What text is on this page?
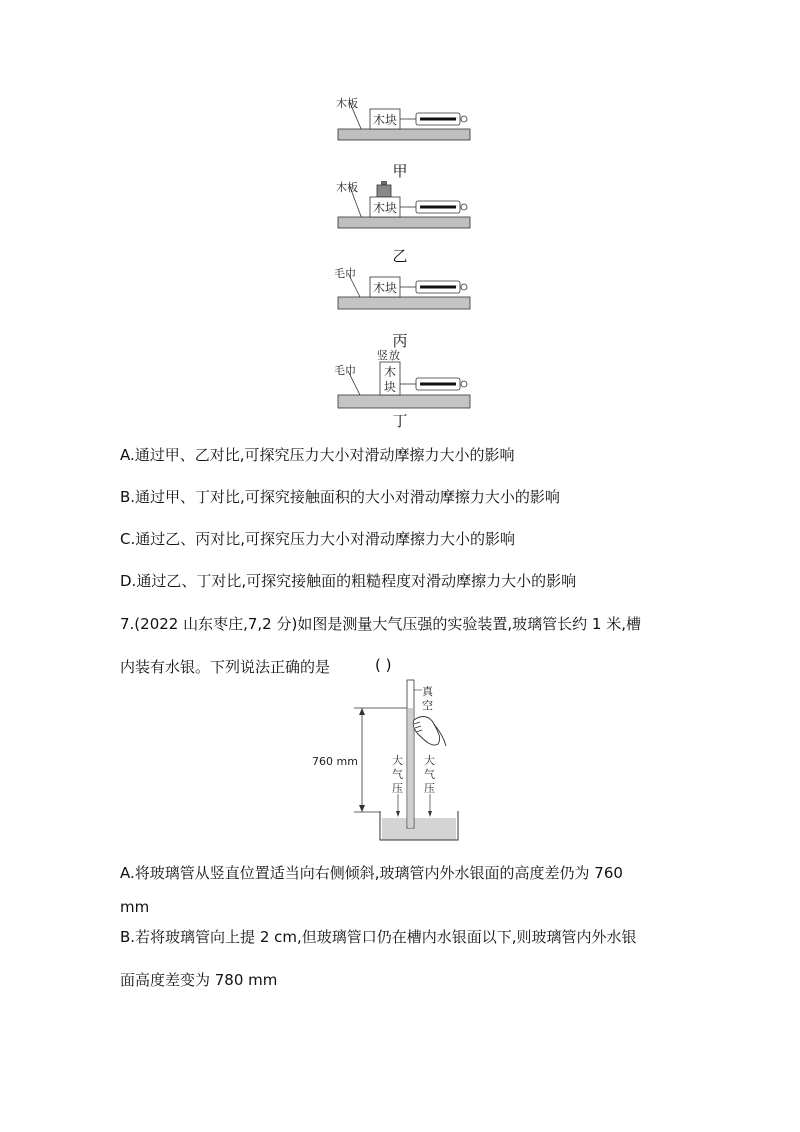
木板
木块
甲
木板
木块
乙
毛巾
木块
丙
竖 放
毛巾 木
块
丁
A.通过甲、乙对比,可探究压力大小对滑动摩擦力大小的影响
B.通过甲、丁对比,可探究接触面积的大小对滑动摩擦力大小的影响
C.通过乙、丙对比,可探究压力大小对滑动摩擦力大小的影响
D.通过乙、丁对比,可探究接触面的粗糙程度对滑动摩擦力大小的影响
7.(2022 山东枣庄,7,2 分)如图是测量大气压强的实验装置,玻璃管长约 1 米,槽
内装有水银。下列说法正确的是	( )
760 mm
真
空
大
气
压
大
气
压
A.将玻璃管从竖直位置适当向右侧倾斜,玻璃管内外水银面的高度差仍为 760
mm
B.若将玻璃管向上提 2 cm,但玻璃管口仍在槽内水银面以下,则玻璃管内外水银
面高度差变为 780 mm
